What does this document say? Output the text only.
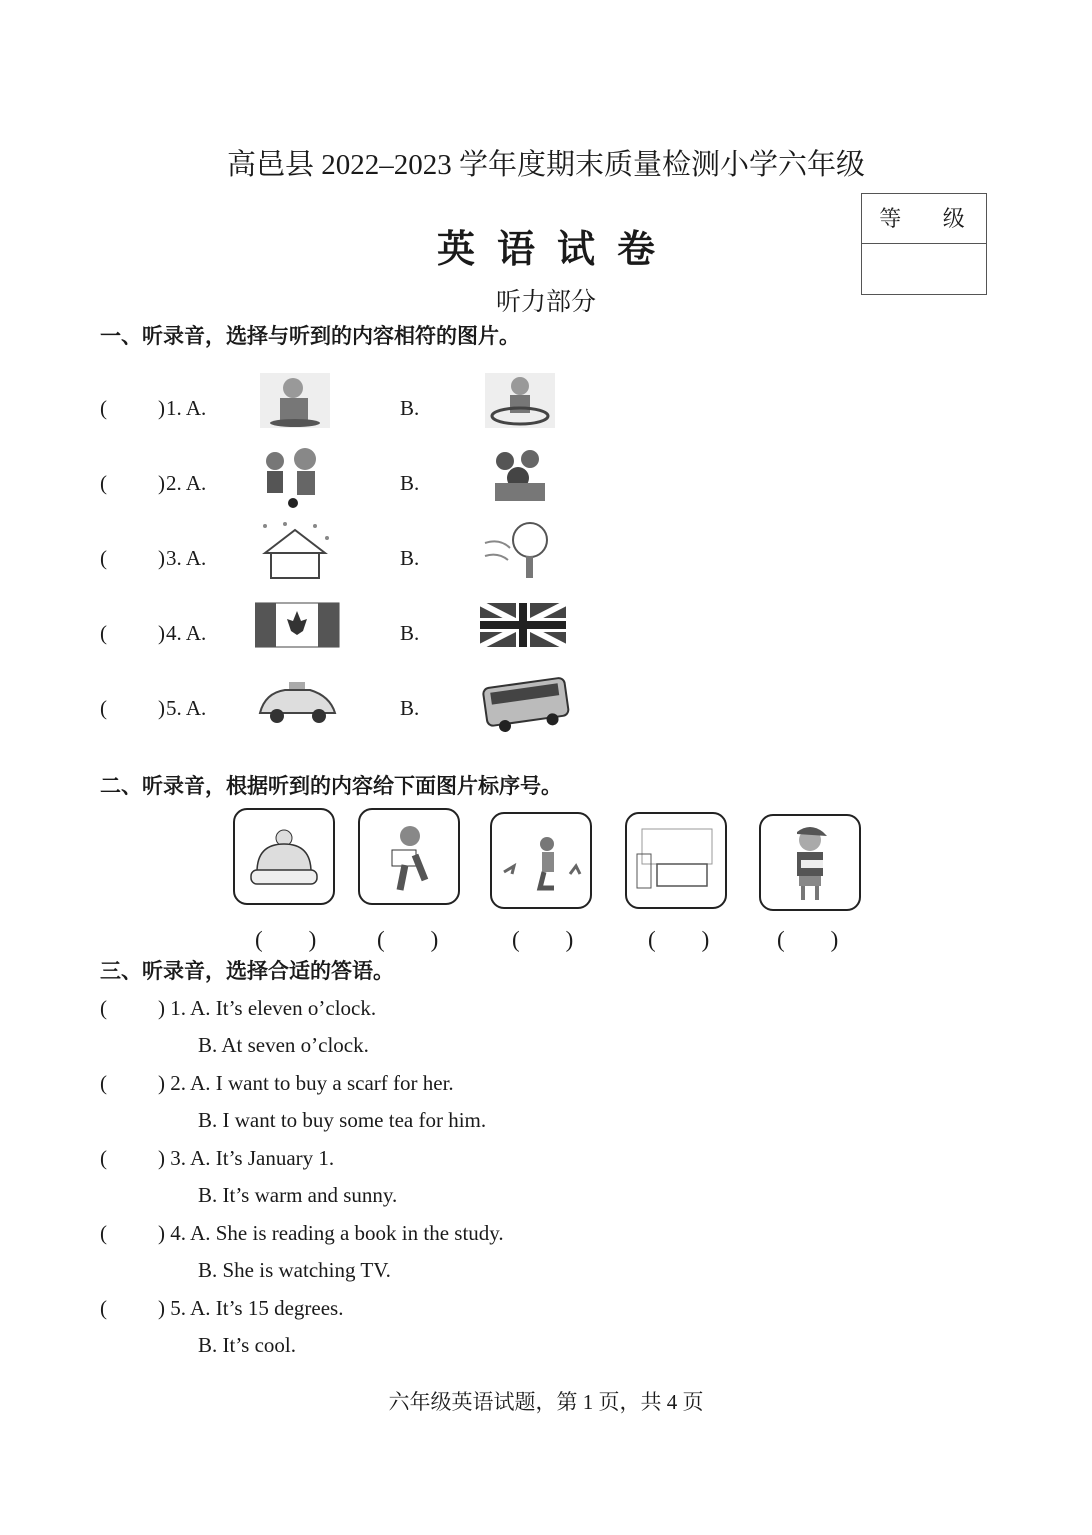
高邑县 2022–2023 学年度期末质量检测小学六年级
英语试卷
听力部分
等 级
一、听录音，选择与听到的内容相符的图片。
二、听录音，根据听到的内容给下面图片标序号。
三、听录音，选择合适的答语。
六年级英语试题，第 1 页，共 4 页
( ) 1. A.	B.
( ) 2. A.	B.
( ) 3. A.	B.
( ) 4. A.	B.
( ) 5. A.	B.
(　　)	(　　)	(　　)	(　　)	(　　)
( ) 1. A. It’s eleven o’clock.
B. At seven o’clock.
( ) 2. A. I want to buy a scarf for her.
B. I want to buy some tea for him.
( ) 3. A. It’s January 1.
B. It’s warm and sunny.
( ) 4. A. She is reading a book in the study.
B. She is watching TV.
( ) 5. A. It’s 15 degrees.
B. It’s cool.
